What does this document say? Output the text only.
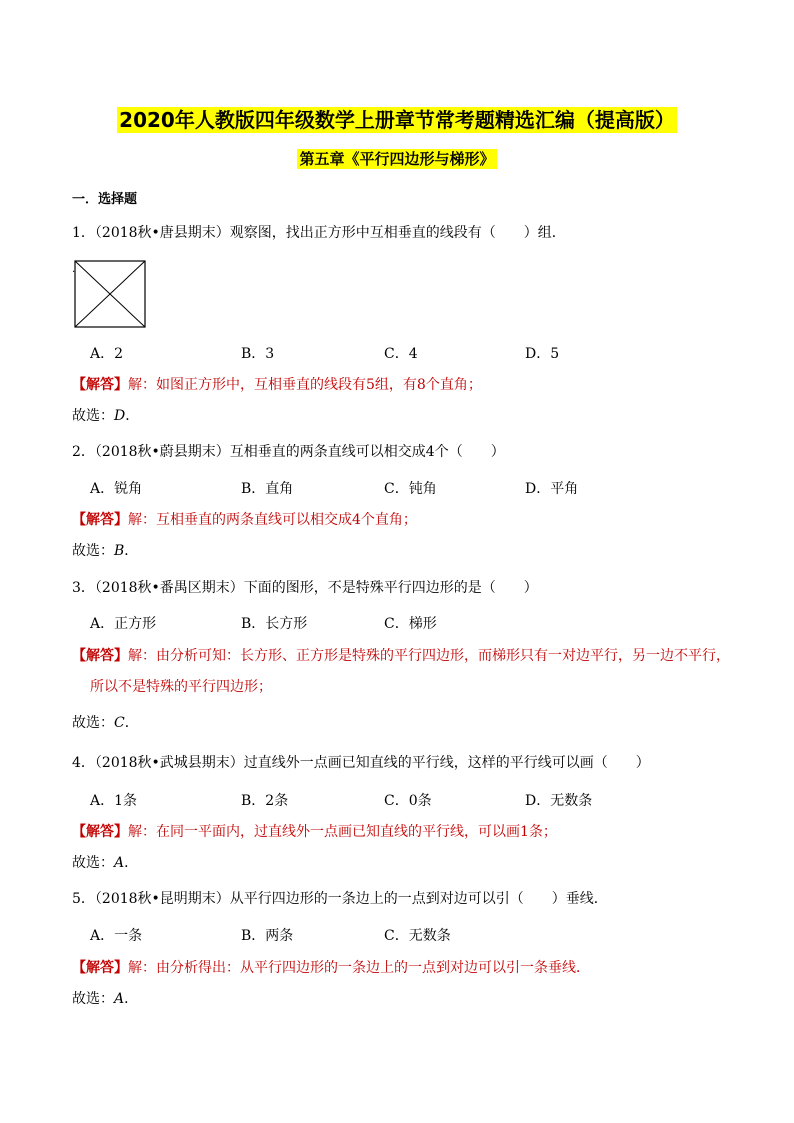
2020年人教版四年级数学上册章节常考题精选汇编（提高版）
第五章《平行四边形与梯形》
一．选择题
1．（2018秋•唐县期末）观察图，找出正方形中互相垂直的线段有（　　）组．
.
A．2	B．3	C．4	D．5
【解答】解：如图正方形中，互相垂直的线段有5组，有8个直角；
故选：D．
2．（2018秋•蔚县期末）互相垂直的两条直线可以相交成4个（　　）
A．锐角	B．直角	C．钝角	D．平角
【解答】解：互相垂直的两条直线可以相交成4个直角；
故选：B．
3．（2018秋•番禺区期末）下面的图形，不是特殊平行四边形的是（　　）
A．正方形	B．长方形	C．梯形
【解答】解：由分析可知：长方形、正方形是特殊的平行四边形，而梯形只有一对边平行，另一边不平行，
所以不是特殊的平行四边形；
故选：C．
4．（2018秋•武城县期末）过直线外一点画已知直线的平行线，这样的平行线可以画（　　）
A．1条	B．2条	C．0条	D．无数条
【解答】解：在同一平面内，过直线外一点画已知直线的平行线，可以画1条；
故选：A．
5．（2018秋•昆明期末）从平行四边形的一条边上的一点到对边可以引（　　）垂线．
A．一条	B．两条	C．无数条
【解答】解：由分析得出：从平行四边形的一条边上的一点到对边可以引一条垂线．
故选：A．
